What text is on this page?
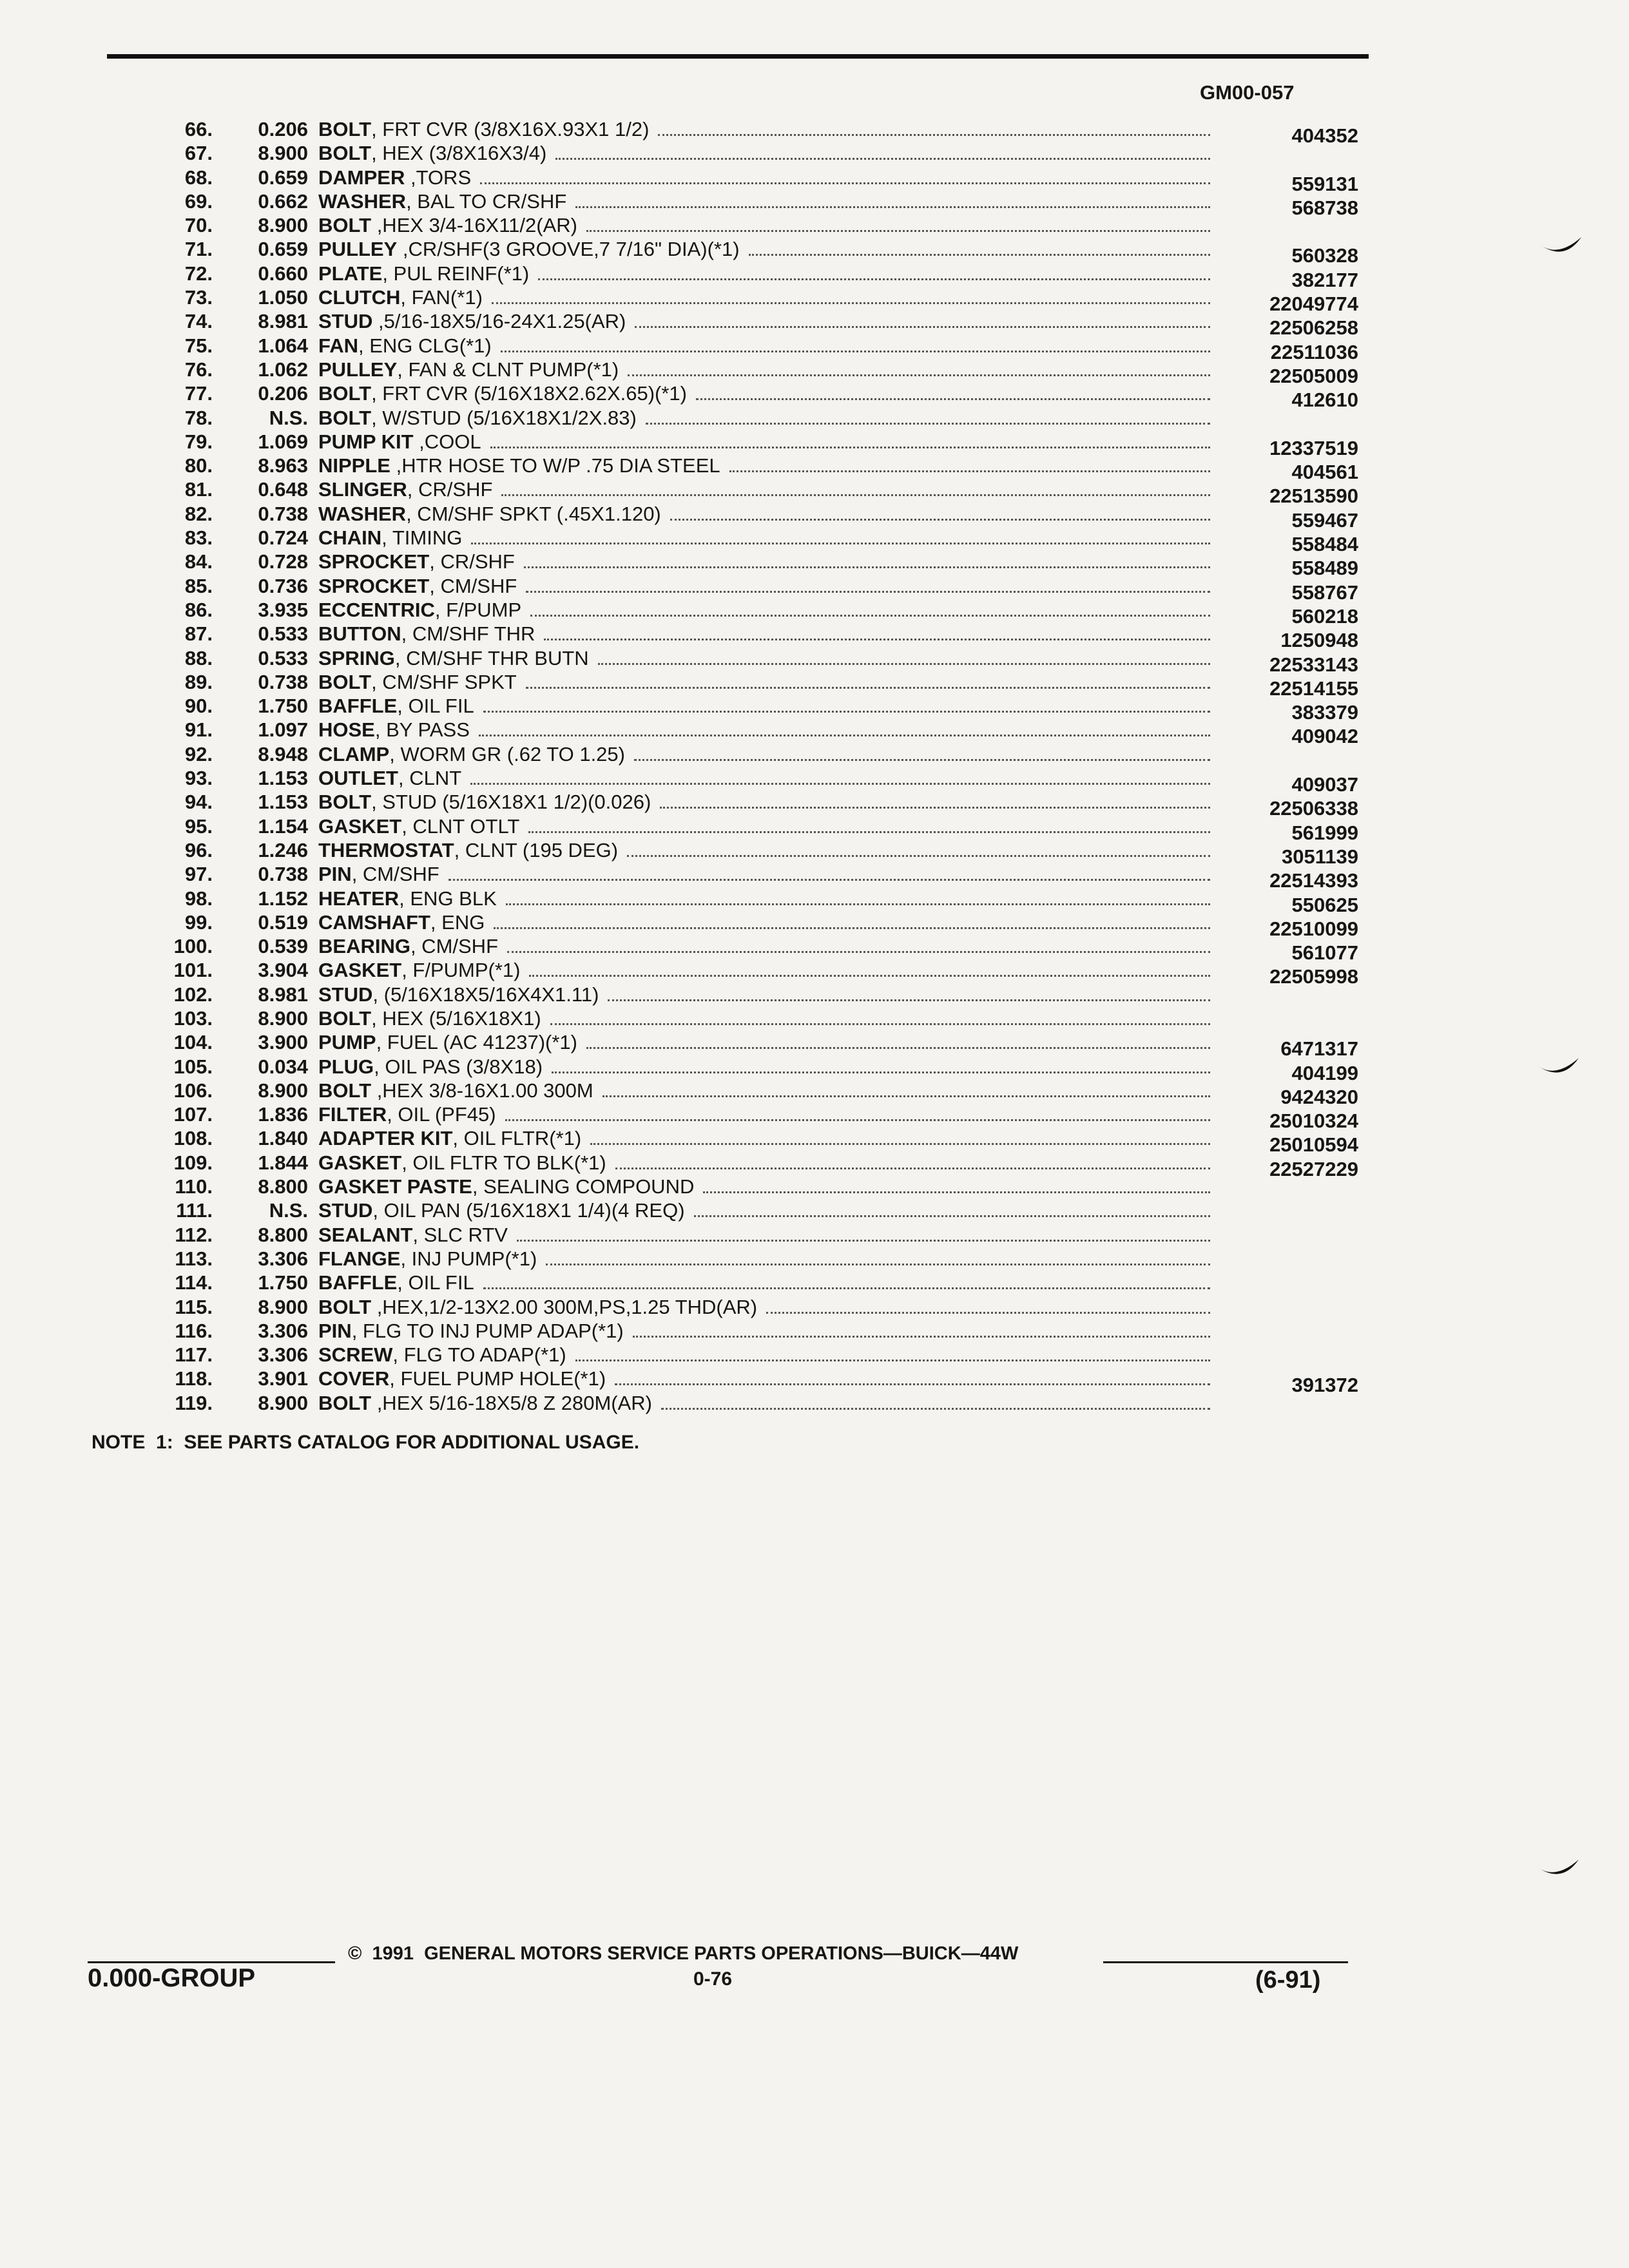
GM00-057
66. 0.206 BOLT, FRT CVR (3/8X16X.93X1 1/2)	404352
67. 8.900 BOLT, HEX (3/8X16X3/4)
68. 0.659 DAMPER ,TORS	559131
69. 0.662 WASHER, BAL TO CR/SHF	568738
70. 8.900 BOLT ,HEX 3/4-16X11/2(AR)
71. 0.659 PULLEY ,CR/SHF(3 GROOVE,7 7/16" DIA)(*1)	560328
72. 0.660 PLATE, PUL REINF(*1)	382177
73. 1.050 CLUTCH, FAN(*1)	22049774
74. 8.981 STUD ,5/16-18X5/16-24X1.25(AR)	22506258
75. 1.064 FAN, ENG CLG(*1)	22511036
76. 1.062 PULLEY, FAN & CLNT PUMP(*1)	22505009
77. 0.206 BOLT, FRT CVR (5/16X18X2.62X.65)(*1)	412610
78.	N.S. BOLT, W/STUD (5/16X18X1/2X.83)
79. 1.069 PUMP KIT ,COOL	12337519
80. 8.963 NIPPLE ,HTR HOSE TO W/P .75 DIA STEEL	404561
81. 0.648 SLINGER, CR/SHF	22513590
82. 0.738 WASHER, CM/SHF SPKT (.45X1.120)	559467
83. 0.724 CHAIN, TIMING	558484
84. 0.728 SPROCKET, CR/SHF	558489
85. 0.736 SPROCKET, CM/SHF	558767
86. 3.935 ECCENTRIC, F/PUMP	560218
87. 0.533 BUTTON, CM/SHF THR	1250948
88. 0.533 SPRING, CM/SHF THR BUTN	22533143
89. 0.738 BOLT, CM/SHF SPKT	22514155
90. 1.750 BAFFLE, OIL FIL	383379
91. 1.097 HOSE, BY PASS	409042
92. 8.948 CLAMP, WORM GR (.62 TO 1.25)
93. 1.153 OUTLET, CLNT	409037
94. 1.153 BOLT, STUD (5/16X18X1 1/2)(0.026)	22506338
95. 1.154 GASKET, CLNT OTLT	561999
96. 1.246 THERMOSTAT, CLNT (195 DEG)	3051139
97. 0.738 PIN, CM/SHF	22514393
98. 1.152 HEATER, ENG BLK	550625
99. 0.519 CAMSHAFT, ENG	22510099
100. 0.539 BEARING, CM/SHF	561077
101. 3.904 GASKET, F/PUMP(*1)	22505998
102. 8.981 STUD, (5/16X18X5/16X4X1.11)
103. 8.900 BOLT, HEX (5/16X18X1)
104. 3.900 PUMP, FUEL (AC 41237)(*1)	6471317
105. 0.034 PLUG, OIL PAS (3/8X18)	404199
106. 8.900 BOLT ,HEX 3/8-16X1.00 300M	9424320
107. 1.836 FILTER, OIL (PF45)	25010324
108. 1.840 ADAPTER KIT, OIL FLTR(*1)	25010594
109. 1.844 GASKET, OIL FLTR TO BLK(*1)	22527229
110. 8.800 GASKET PASTE, SEALING COMPOUND
111.	N.S. STUD, OIL PAN (5/16X18X1 1/4)(4 REQ)
112. 8.800 SEALANT, SLC RTV
113. 3.306 FLANGE, INJ PUMP(*1)
114. 1.750 BAFFLE, OIL FIL
115. 8.900 BOLT ,HEX,1/2-13X2.00 300M,PS,1.25 THD(AR)
116. 3.306 PIN, FLG TO INJ PUMP ADAP(*1)
117. 3.306 SCREW, FLG TO ADAP(*1)
118. 3.901 COVER, FUEL PUMP HOLE(*1)	391372
119. 8.900 BOLT ,HEX 5/16-18X5/8 Z 280M(AR)
NOTE  1:  SEE PARTS CATALOG FOR ADDITIONAL USAGE.
©  1991  GENERAL MOTORS SERVICE PARTS OPERATIONS—BUICK—44W
0.000-GROUP	0-76	(6-91)
